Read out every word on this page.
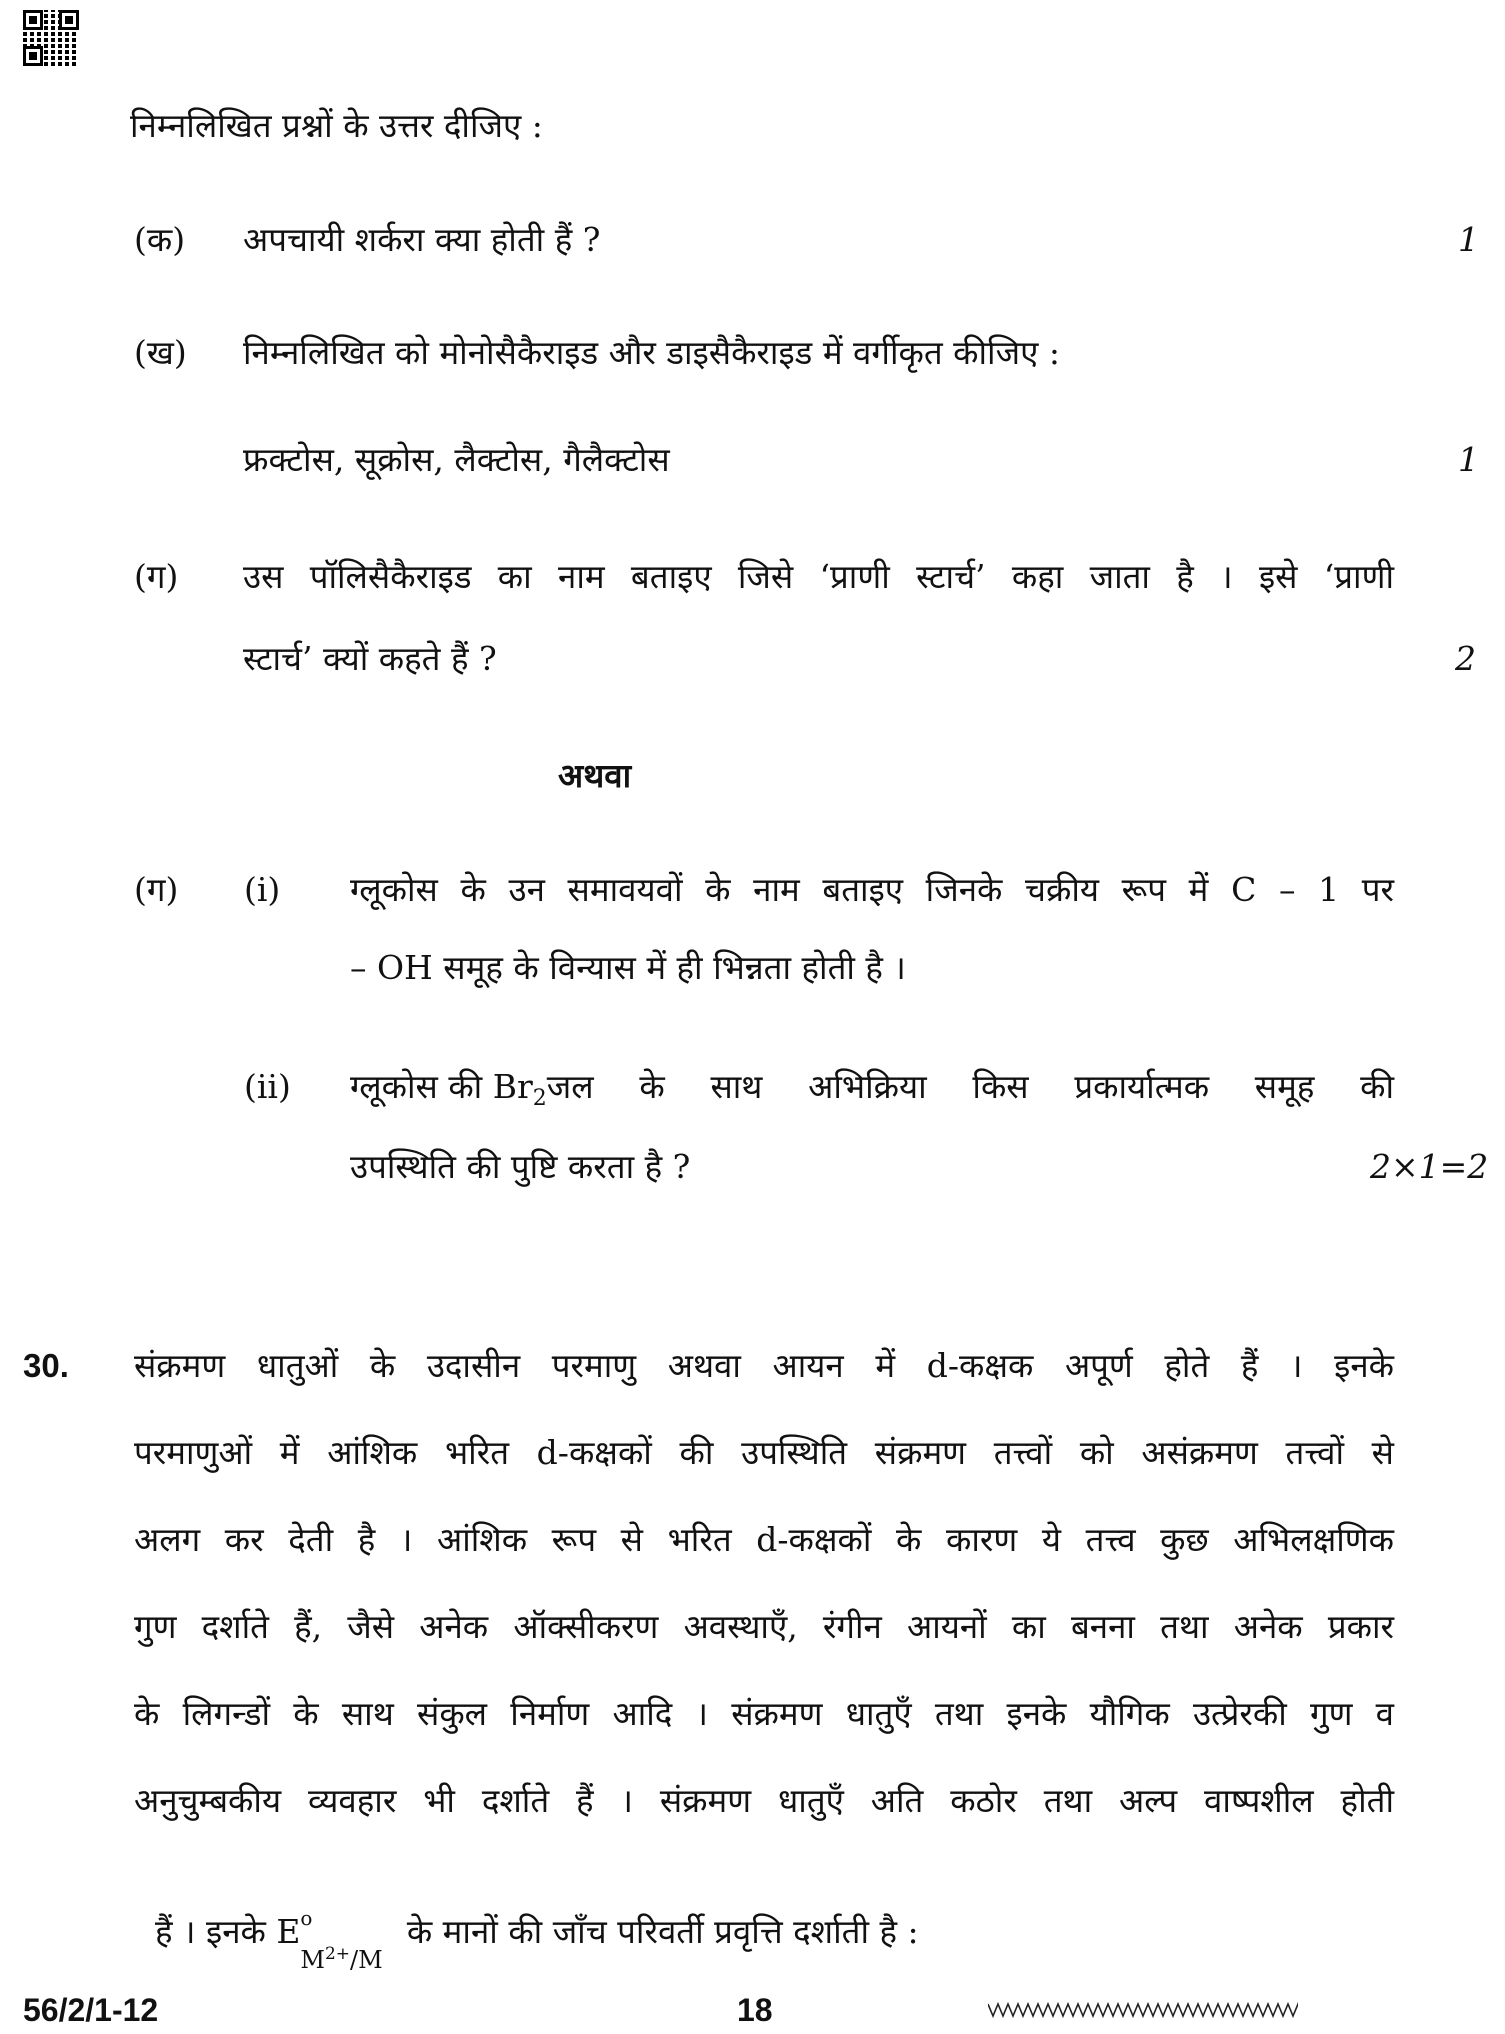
निम्नलिखित प्रश्नों के उत्तर दीजिए :
(क) अपचायी शर्करा क्या होती हैं ?	1
(ख) निम्नलिखित को मोनोसैकैराइड और डाइसैकैराइड में वर्गीकृत कीजिए :
फ्रक्टोस, सूक्रोस, लैक्टोस, गैलैक्टोस	1
(ग) उस पॉलिसैकैराइड का नाम बताइए जिसे ‘प्राणी स्टार्च’ कहा जाता है । इसे ‘प्राणी
स्टार्च’ क्यों कहते हैं ?	2
अथवा
(ग) (i) ग्लूकोस के उन समावयवों के नाम बताइए जिनके चक्रीय रूप में C – 1 पर
– OH समूह के विन्यास में ही भिन्नता होती है ।
(ii) ग्लूकोस की $Br_2$ जल के साथ अभिक्रिया किस प्रकार्यात्मक समूह की
उपस्थिति की पुष्टि करता है ?	2×1=2
30. संक्रमण धातुओं के उदासीन परमाणु अथवा आयन में d-कक्षक अपूर्ण होते हैं । इनके
परमाणुओं में आंशिक भरित d-कक्षकों की उपस्थिति संक्रमण तत्त्वों को असंक्रमण तत्त्वों से
अलग कर देती है । आंशिक रूप से भरित d-कक्षकों के कारण ये तत्त्व कुछ अभिलक्षणिक
गुण दर्शाते हैं, जैसे अनेक ऑक्सीकरण अवस्थाएँ, रंगीन आयनों का बनना तथा अनेक प्रकार
के लिगन्डों के साथ संकुल निर्माण आदि । संक्रमण धातुएँ तथा इनके यौगिक उत्प्रेरकी गुण व
अनुचुम्बकीय व्यवहार भी दर्शाते हैं । संक्रमण धातुएँ अति कठोर तथा अल्प वाष्पशील होती

हैं । इनके E o
$M^{2+}/M$
के मानों की जाँच परिवर्ती प्रवृत्ति दर्शाती है :

56/2/1-12	18
